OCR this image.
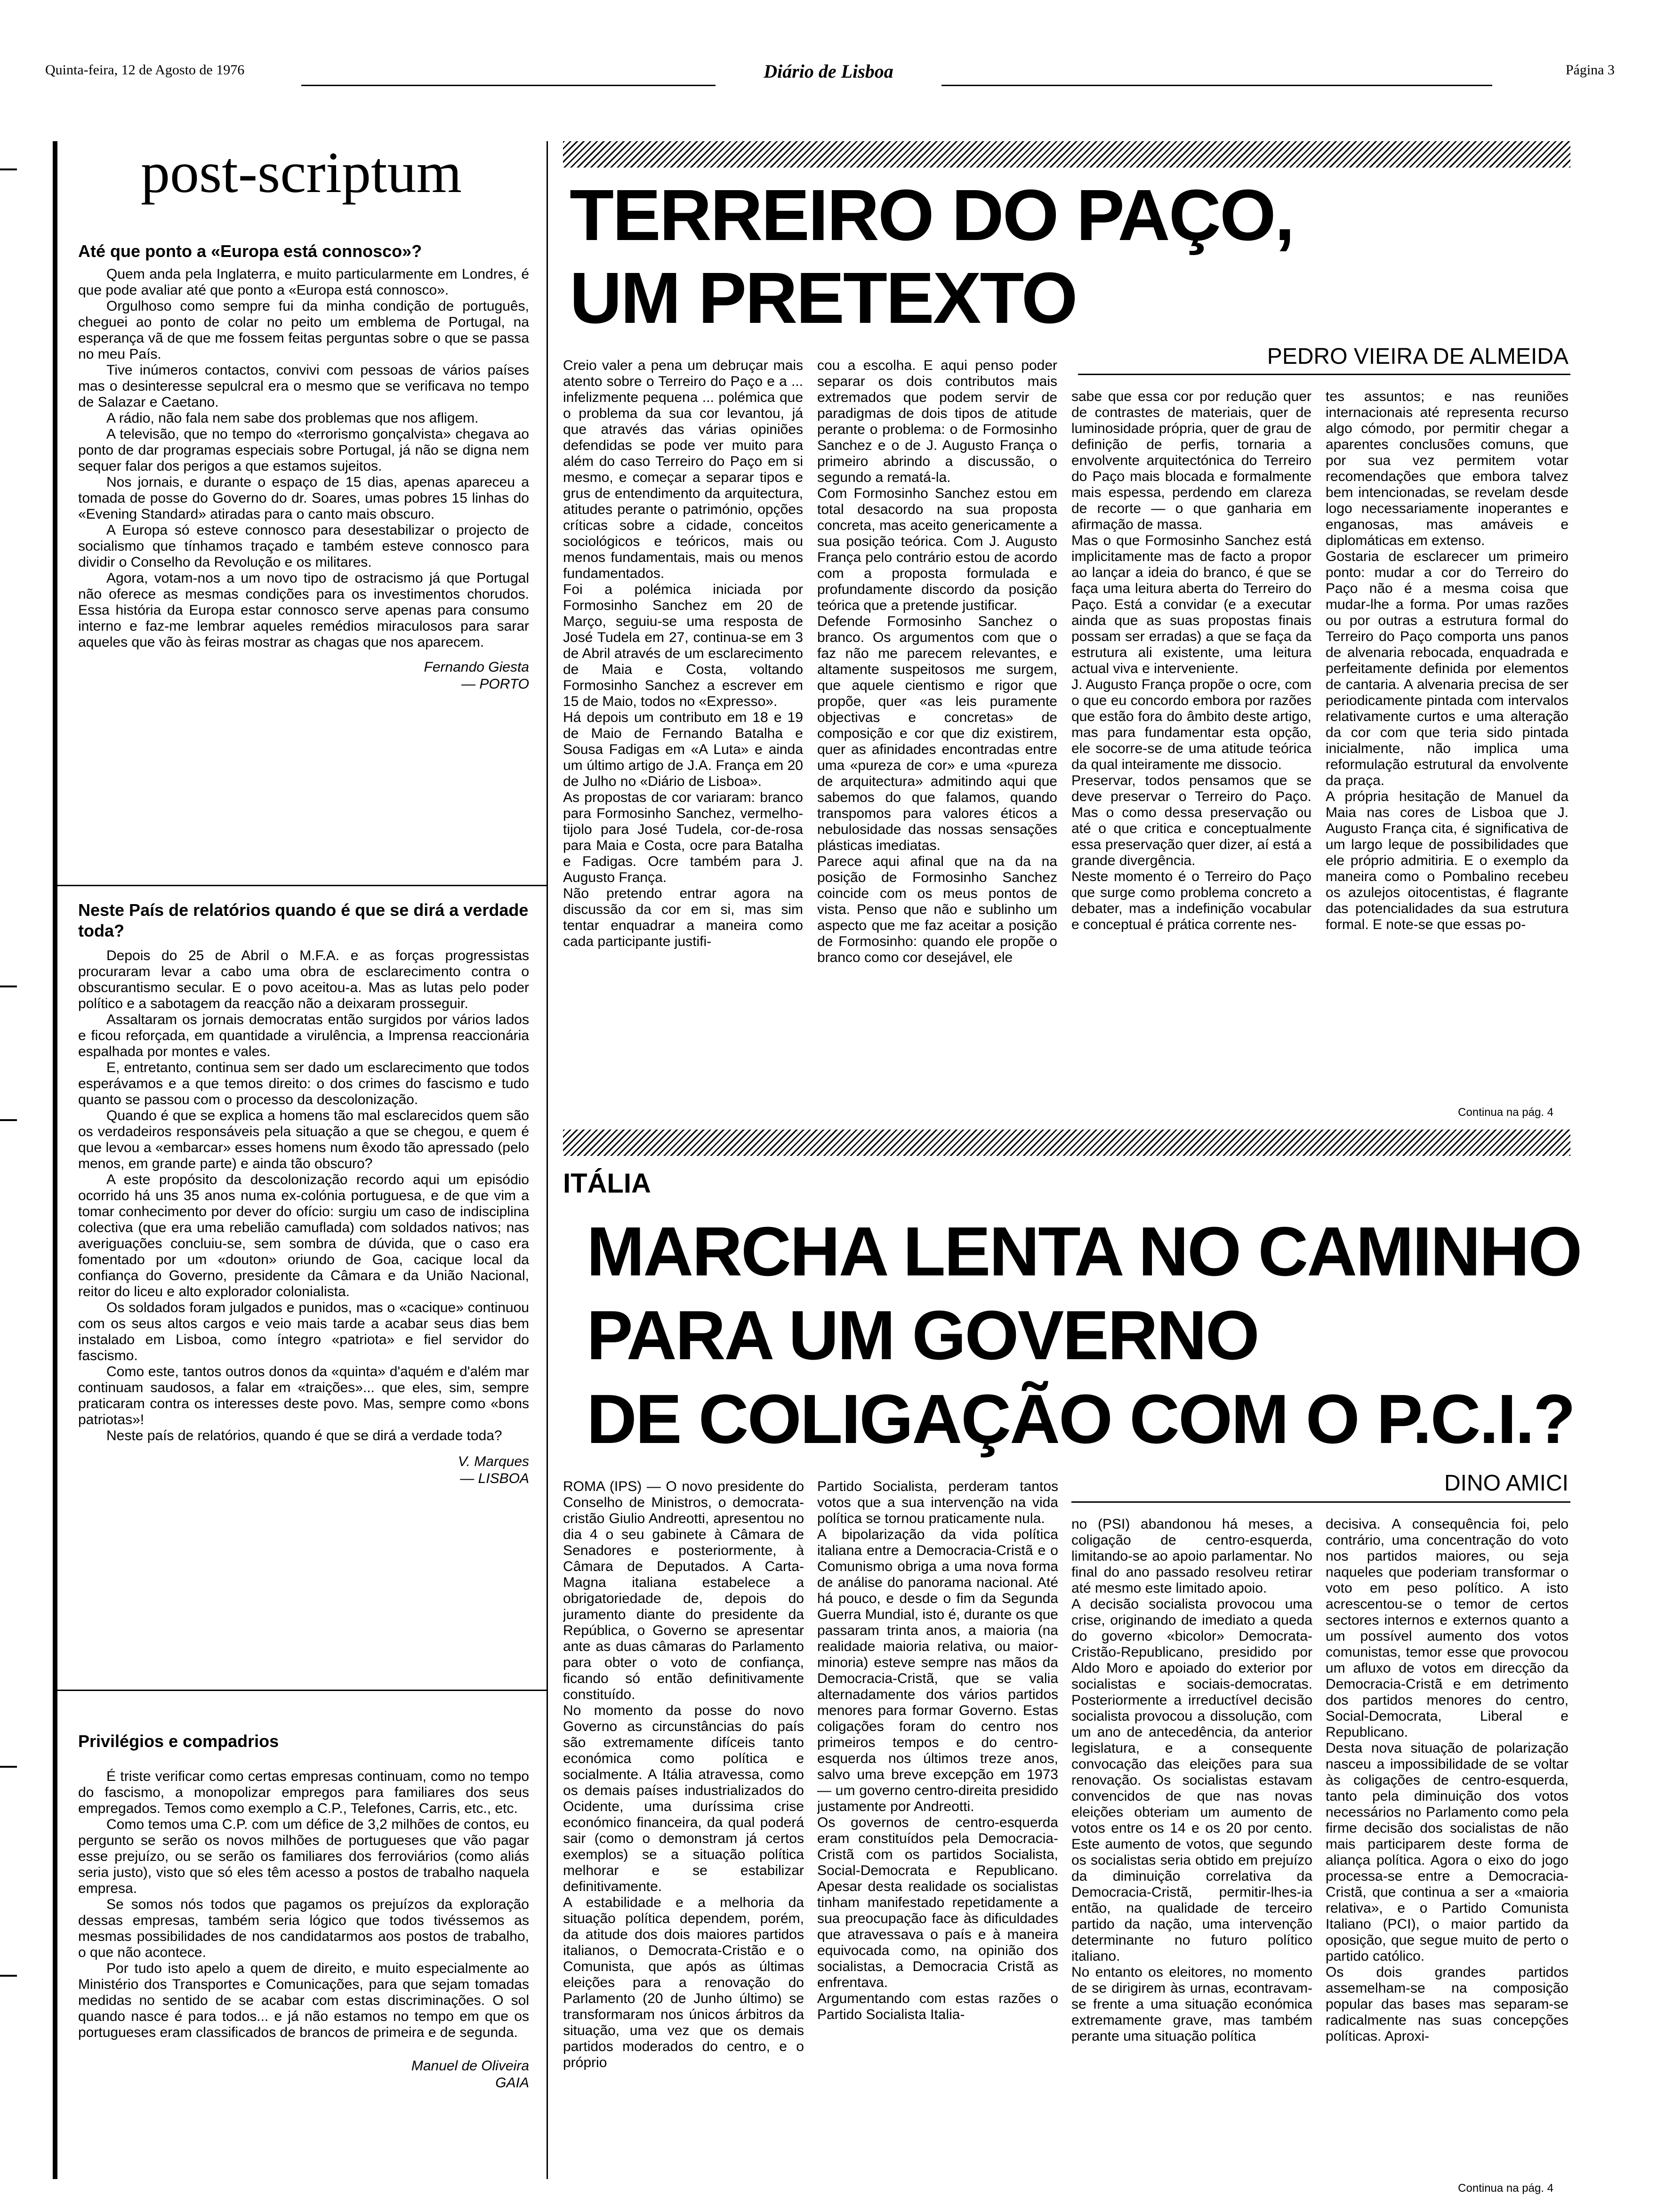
Quinta-feira, 12 de Agosto de 1976	Diário de Lisboa	Página 3
post-scriptum
Até que ponto a «Europa está connosco»?

Quem anda pela Inglaterra, e muito particularmente em Londres, é que pode avaliar até que ponto a «Europa está connosco».

Orgulhoso como sempre fui da minha condição de português, cheguei ao ponto de colar no peito um emblema de Portugal, na esperança vã de que me fossem feitas perguntas sobre o que se passa no meu País.

Tive inúmeros contactos, convivi com pessoas de vários países mas o desinteresse sepulcral era o mesmo que se verificava no tempo de Salazar e Caetano.

A rádio, não fala nem sabe dos problemas que nos afligem.

A televisão, que no tempo do «terrorismo gonçalvista» chegava ao ponto de dar programas especiais sobre Portugal, já não se digna nem sequer falar dos perigos a que estamos sujeitos.

Nos jornais, e durante o espaço de 15 dias, apenas apareceu a tomada de posse do Governo do dr. Soares, umas pobres 15 linhas do «Evening Standard» atiradas para o canto mais obscuro.

A Europa só esteve connosco para desestabilizar o projecto de socialismo que tínhamos traçado e também esteve connosco para dividir o Conselho da Revolução e os militares.

Agora, votam-nos a um novo tipo de ostracismo já que Portugal não oferece as mesmas condições para os investimentos chorudos. Essa história da Europa estar connosco serve apenas para consumo interno e faz-me lembrar aqueles remédios miraculosos para sarar aqueles que vão às feiras mostrar as chagas que nos aparecem.

Fernando Giesta
— PORTO
Neste País de relatórios quando é que se dirá a verdade toda?

Depois do 25 de Abril o M.F.A. e as forças progressistas procuraram levar a cabo uma obra de esclarecimento contra o obscurantismo secular. E o povo aceitou-a. Mas as lutas pelo poder político e a sabotagem da reacção não a deixaram prosseguir.

Assaltaram os jornais democratas então surgidos por vários lados e ficou reforçada, em quantidade a virulência, a Imprensa reaccionária espalhada por montes e vales.

E, entretanto, continua sem ser dado um esclarecimento que todos esperávamos e a que temos direito: o dos crimes do fascismo e tudo quanto se passou com o processo da descolonização.

Quando é que se explica a homens tão mal esclarecidos quem são os verdadeiros responsáveis pela situação a que se chegou, e quem é que levou a «embarcar» esses homens num êxodo tão apressado (pelo menos, em grande parte) e ainda tão obscuro?

A este propósito da descolonização recordo aqui um episódio ocorrido há uns 35 anos numa ex-colónia portuguesa, e de que vim a tomar conhecimento por dever do ofício: surgiu um caso de indisciplina colectiva (que era uma rebelião camuflada) com soldados nativos; nas averiguações concluiu-se, sem sombra de dúvida, que o caso era fomentado por um «douton» oriundo de Goa, cacique local da confiança do Governo, presidente da Câmara e da União Nacional, reitor do liceu e alto explorador colonialista.

Os soldados foram julgados e punidos, mas o «cacique» continuou com os seus altos cargos e veio mais tarde a acabar seus dias bem instalado em Lisboa, como íntegro «patriota» e fiel servidor do fascismo.

Como este, tantos outros donos da «quinta» d'aquém e d'além mar continuam saudosos, a falar em «traições»... que eles, sim, sempre praticaram contra os interesses deste povo. Mas, sempre como «bons patriotas»!

Neste país de relatórios, quando é que se dirá a verdade toda?

V. Marques
— LISBOA
Privilégios e compadrios

É triste verificar como certas empresas continuam, como no tempo do fascismo, a monopolizar empregos para familiares dos seus empregados. Temos como exemplo a C.P., Telefones, Carris, etc., etc.

Como temos uma C.P. com um défice de 3,2 milhões de contos, eu pergunto se serão os novos milhões de portugueses que vão pagar esse prejuízo, ou se serão os familiares dos ferroviários (como aliás seria justo), visto que só eles têm acesso a postos de trabalho naquela empresa.

Se somos nós todos que pagamos os prejuízos da exploração dessas empresas, também seria lógico que todos tivéssemos as mesmas possibilidades de nos candidatarmos aos postos de trabalho, o que não acontece.

Por tudo isto apelo a quem de direito, e muito especialmente ao Ministério dos Transportes e Comunicações, para que sejam tomadas medidas no sentido de se acabar com estas discriminações. O sol quando nasce é para todos... e já não estamos no tempo em que os portugueses eram classificados de brancos de primeira e de segunda.

Manuel de Oliveira
GAIA
TERREIRO DO PAÇO,
UM PRETEXTO
PEDRO VIEIRA DE ALMEIDA
Creio valer a pena um debruçar mais atento sobre o Terreiro do Paço e a ... infelizmente pequena ... polémica que o problema da sua cor levantou, já que através das várias opiniões defendidas se pode ver muito para além do caso Terreiro do Paço em si mesmo, e começar a separar tipos e grus de entendimento da arquitectura, atitudes perante o património, opções críticas sobre a cidade, conceitos sociológicos e teóricos, mais ou menos fundamentais, mais ou menos fundamentados.
Foi a polémica iniciada por Formosinho Sanchez em 20 de Março, seguiu-se uma resposta de José Tudela em 27, continua-se em 3 de Abril através de um esclarecimento de Maia e Costa, voltando Formosinho Sanchez a escrever em 15 de Maio, todos no «Expresso».
Há depois um contributo em 18 e 19 de Maio de Fernando Batalha e Sousa Fadigas em «A Luta» e ainda um último artigo de J.A. França em 20 de Julho no «Diário de Lisboa».
As propostas de cor variaram: branco para Formosinho Sanchez, vermelho-tijolo para José Tudela, cor-de-rosa para Maia e Costa, ocre para Batalha e Fadigas. Ocre também para J. Augusto França.
Não pretendo entrar agora na discussão da cor em si, mas sim tentar enquadrar a maneira como cada participante justifi-
cou a escolha. E aqui penso poder separar os dois contributos mais extremados que podem servir de paradigmas de dois tipos de atitude perante o problema: o de Formosinho Sanchez e o de J. Augusto França o primeiro abrindo a discussão, o segundo a rematá-la.
Com Formosinho Sanchez estou em total desacordo na sua proposta concreta, mas aceito genericamente a sua posição teórica. Com J. Augusto França pelo contrário estou de acordo com a proposta formulada e profundamente discordo da posição teórica que a pretende justificar.
Defende Formosinho Sanchez o branco. Os argumentos com que o faz não me parecem relevantes, e altamente suspeitosos me surgem, que aquele cientismo e rigor que propõe, quer «as leis puramente objectivas e concretas» de composição e cor que diz existirem, quer as afinidades encontradas entre uma «pureza de cor» e uma «pureza de arquitectura» admitindo aqui que sabemos do que falamos, quando transpomos para valores éticos a nebulosidade das nossas sensações plásticas imediatas.
Parece aqui afinal que na da na posição de Formosinho Sanchez coincide com os meus pontos de vista. Penso que não e sublinho um aspecto que me faz aceitar a posição de Formosinho: quando ele propõe o branco como cor desejável, ele
sabe que essa cor por redução quer de contrastes de materiais, quer de luminosidade própria, quer de grau de definição de perfis, tornaria a envolvente arquitectónica do Terreiro do Paço mais blocada e formalmente mais espessa, perdendo em clareza de recorte — o que ganharia em afirmação de massa.
Mas o que Formosinho Sanchez está implicitamente mas de facto a propor ao lançar a ideia do branco, é que se faça uma leitura aberta do Terreiro do Paço. Está a convidar (e a executar ainda que as suas propostas finais possam ser erradas) a que se faça da estrutura ali existente, uma leitura actual viva e interveniente.
J. Augusto França propõe o ocre, com o que eu concordo embora por razões que estão fora do âmbito deste artigo, mas para fundamentar esta opção, ele socorre-se de uma atitude teórica da qual inteiramente me dissocio.
Preservar, todos pensamos que se deve preservar o Terreiro do Paço. Mas o como dessa preservação ou até o que critica e conceptualmente essa preservação quer dizer, aí está a grande divergência.
Neste momento é o Terreiro do Paço que surge como problema concreto a debater, mas a indefinição vocabular e conceptual é prática corrente nes-
tes assuntos; e nas reuniões internacionais até representa recurso algo cómodo, por permitir chegar a aparentes conclusões comuns, que por sua vez permitem votar recomendações que embora talvez bem intencionadas, se revelam desde logo necessariamente inoperantes e enganosas, mas amáveis e diplomáticas em extenso.
Gostaria de esclarecer um primeiro ponto: mudar a cor do Terreiro do Paço não é a mesma coisa que mudar-lhe a forma. Por umas razões ou por outras a estrutura formal do Terreiro do Paço comporta uns panos de alvenaria rebocada, enquadrada e perfeitamente definida por elementos de cantaria. A alvenaria precisa de ser periodicamente pintada com intervalos relativamente curtos e uma alteração da cor com que teria sido pintada inicialmente, não implica uma reformulação estrutural da envolvente da praça.
A própria hesitação de Manuel da Maia nas cores de Lisboa que J. Augusto França cita, é significativa de um largo leque de possibilidades que ele próprio admitiria. E o exemplo da maneira como o Pombalino recebeu os azulejos oitocentistas, é flagrante das potencialidades da sua estrutura formal. E note-se que essas po-
Continua na pág. 4
ITÁLIA
MARCHA LENTA NO CAMINHO
PARA UM GOVERNO
DE COLIGAÇÃO COM O P.C.I.?
DINO AMICI
ROMA (IPS) — O novo presidente do Conselho de Ministros, o democrata-cristão Giulio Andreotti, apresentou no dia 4 o seu gabinete à Câmara de Senadores e posteriormente, à Câmara de Deputados. A Carta-Magna italiana estabelece a obrigatoriedade de, depois do juramento diante do presidente da República, o Governo se apresentar ante as duas câmaras do Parlamento para obter o voto de confiança, ficando só então definitivamente constituído.
No momento da posse do novo Governo as circunstâncias do país são extremamente difíceis tanto económica como política e socialmente. A Itália atravessa, como os demais países industrializados do Ocidente, uma duríssima crise económico financeira, da qual poderá sair (como o demonstram já certos exemplos) se a situação política melhorar e se estabilizar definitivamente.
A estabilidade e a melhoria da situação política dependem, porém, da atitude dos dois maiores partidos italianos, o Democrata-Cristão e o Comunista, que após as últimas eleições para a renovação do Parlamento (20 de Junho último) se transformaram nos únicos árbitros da situação, uma vez que os demais partidos moderados do centro, e o próprio
Partido Socialista, perderam tantos votos que a sua intervenção na vida política se tornou praticamente nula.
A bipolarização da vida política italiana entre a Democracia-Cristã e o Comunismo obriga a uma nova forma de análise do panorama nacional. Até há pouco, e desde o fim da Segunda Guerra Mundial, isto é, durante os que passaram trinta anos, a maioria (na realidade maioria relativa, ou maior-minoria) esteve sempre nas mãos da Democracia-Cristã, que se valia alternadamente dos vários partidos menores para formar Governo. Estas coligações foram do centro nos primeiros tempos e do centro-esquerda nos últimos treze anos, salvo uma breve excepção em 1973 — um governo centro-direita presidido justamente por Andreotti.
Os governos de centro-esquerda eram constituídos pela Democracia-Cristã com os partidos Socialista, Social-Democrata e Republicano. Apesar desta realidade os socialistas tinham manifestado repetidamente a sua preocupação face às dificuldades que atravessava o país e à maneira equivocada como, na opinião dos socialistas, a Democracia Cristã as enfrentava.
Argumentando com estas razões o Partido Socialista Italia-
no (PSI) abandonou há meses, a coligação de centro-esquerda, limitando-se ao apoio parlamentar. No final do ano passado resolveu retirar até mesmo este limitado apoio.
A decisão socialista provocou uma crise, originando de imediato a queda do governo «bicolor» Democrata-Cristão-Republicano, presidido por Aldo Moro e apoiado do exterior por socialistas e sociais-democratas. Posteriormente a irreductível decisão socialista provocou a dissolução, com um ano de antecedência, da anterior legislatura, e a consequente convocação das eleições para sua renovação. Os socialistas estavam convencidos de que nas novas eleições obteriam um aumento de votos entre os 14 e os 20 por cento. Este aumento de votos, que segundo os socialistas seria obtido em prejuízo da diminuição correlativa da Democracia-Cristã, permitir-lhes-ia então, na qualidade de terceiro partido da nação, uma intervenção determinante no futuro político italiano.
No entanto os eleitores, no momento de se dirigirem às urnas, econtravam-se frente a uma situação económica extremamente grave, mas também perante uma situação política
decisiva. A consequência foi, pelo contrário, uma concentração do voto nos partidos maiores, ou seja naqueles que poderiam transformar o voto em peso político. A isto acrescentou-se o temor de certos sectores internos e externos quanto a um possível aumento dos votos comunistas, temor esse que provocou um afluxo de votos em direcção da Democracia-Cristã e em detrimento dos partidos menores do centro, Social-Democrata, Liberal e Republicano.
Desta nova situação de polarização nasceu a impossibilidade de se voltar às coligações de centro-esquerda, tanto pela diminuição dos votos necessários no Parlamento como pela firme decisão dos socialistas de não mais participarem deste forma de aliança política. Agora o eixo do jogo processa-se entre a Democracia-Cristã, que continua a ser a «maioria relativa», e o Partido Comunista Italiano (PCI), o maior partido da oposição, que segue muito de perto o partido católico.
Os dois grandes partidos assemelham-se na composição popular das bases mas separam-se radicalmente nas suas concepções políticas. Aproxi-
Continua na pág. 4
